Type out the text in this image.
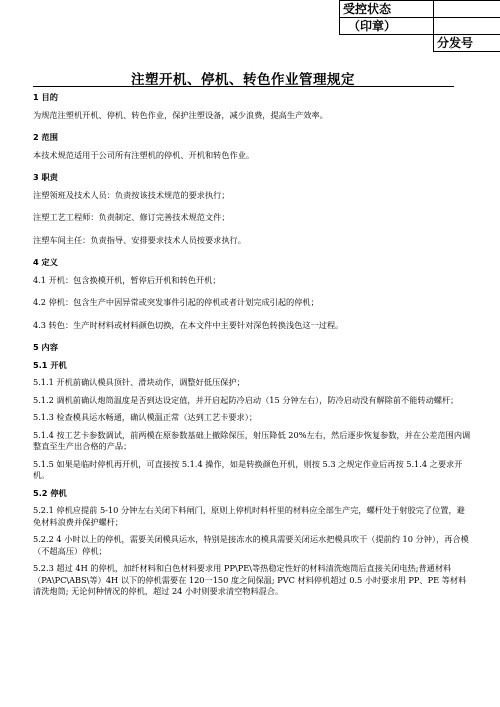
受控状态	
（印章）	
	分发号
注塑开机、停机、转色作业管理规定

1 目的

为规范注塑机开机、停机、转色作业，保护注塑设备，减少浪费，提高生产效率。

2 范围

本技术规范适用于公司所有注塑机的停机、开机和转色作业。

3 职责

注塑领班及技术人员：负责按该技术规范的要求执行；

注塑工艺工程师：负责制定、修订完善技术规范文件；

注塑车间主任：负责指导、安排要求技术人员按要求执行。

4 定义

4.1 开机：包含换模开机，暂停后开机和转色开机；

4.2 停机：包含生产中因异常或突发事件引起的停机或者计划完成引起的停机；

4.3 转色：生产时材料或材料颜色切换，在本文件中主要针对深色转换浅色这一过程。

5 内容

5.1 开机

5.1.1 开机前确认模具顶针、滑块动作，调整好低压保护；

5.1.2 调机前确认炮筒温度是否到达设定值，并开启起防冷启动（15 分钟左右），防冷启动没有解除前不能转动螺杆；

5.1.3 检查模具运水畅通，确认模温正常（达到工艺卡要求）；

5.1.4 按工艺卡参数调试，前两模在原参数基础上撤除保压，射压降低 20%左右，然后逐步恢复参数，并在公差范围内调整直至生产出合格的产品；

5.1.5 如果是临时停机再开机，可直接按 5.1.4 操作，如是转换颜色开机，则按 5.3 之规定作业后再按 5.1.4 之要求开机。

5.2 停机

5.2.1 停机应提前 5-10 分钟左右关闭下料闸门，原则上停机时料杆里的材料应全部生产完，螺杆处于射胶完了位置，避免材料浪费并保护螺杆；

5.2.2 4 小时以上的停机，需要关闭模具运水，特别是接冻水的模具需要关闭运水把模具吹干（提前约 10 分钟），再合模（不超高压）停机；

5.2.3 超过 4H 的停机，加纤材料和白色材料要求用 PP\PE\等热稳定性好的材料清洗炮筒后直接关闭电热;普通材料（PA\PC\ABS\等）4H 以下的停机需要在 120一150 度之间保温; PVC 材料停机超过 0.5 小时要求用 PP、PE 等材料清洗炮筒; 无论何种情况的停机，超过 24 小时则要求清空物料混合。
